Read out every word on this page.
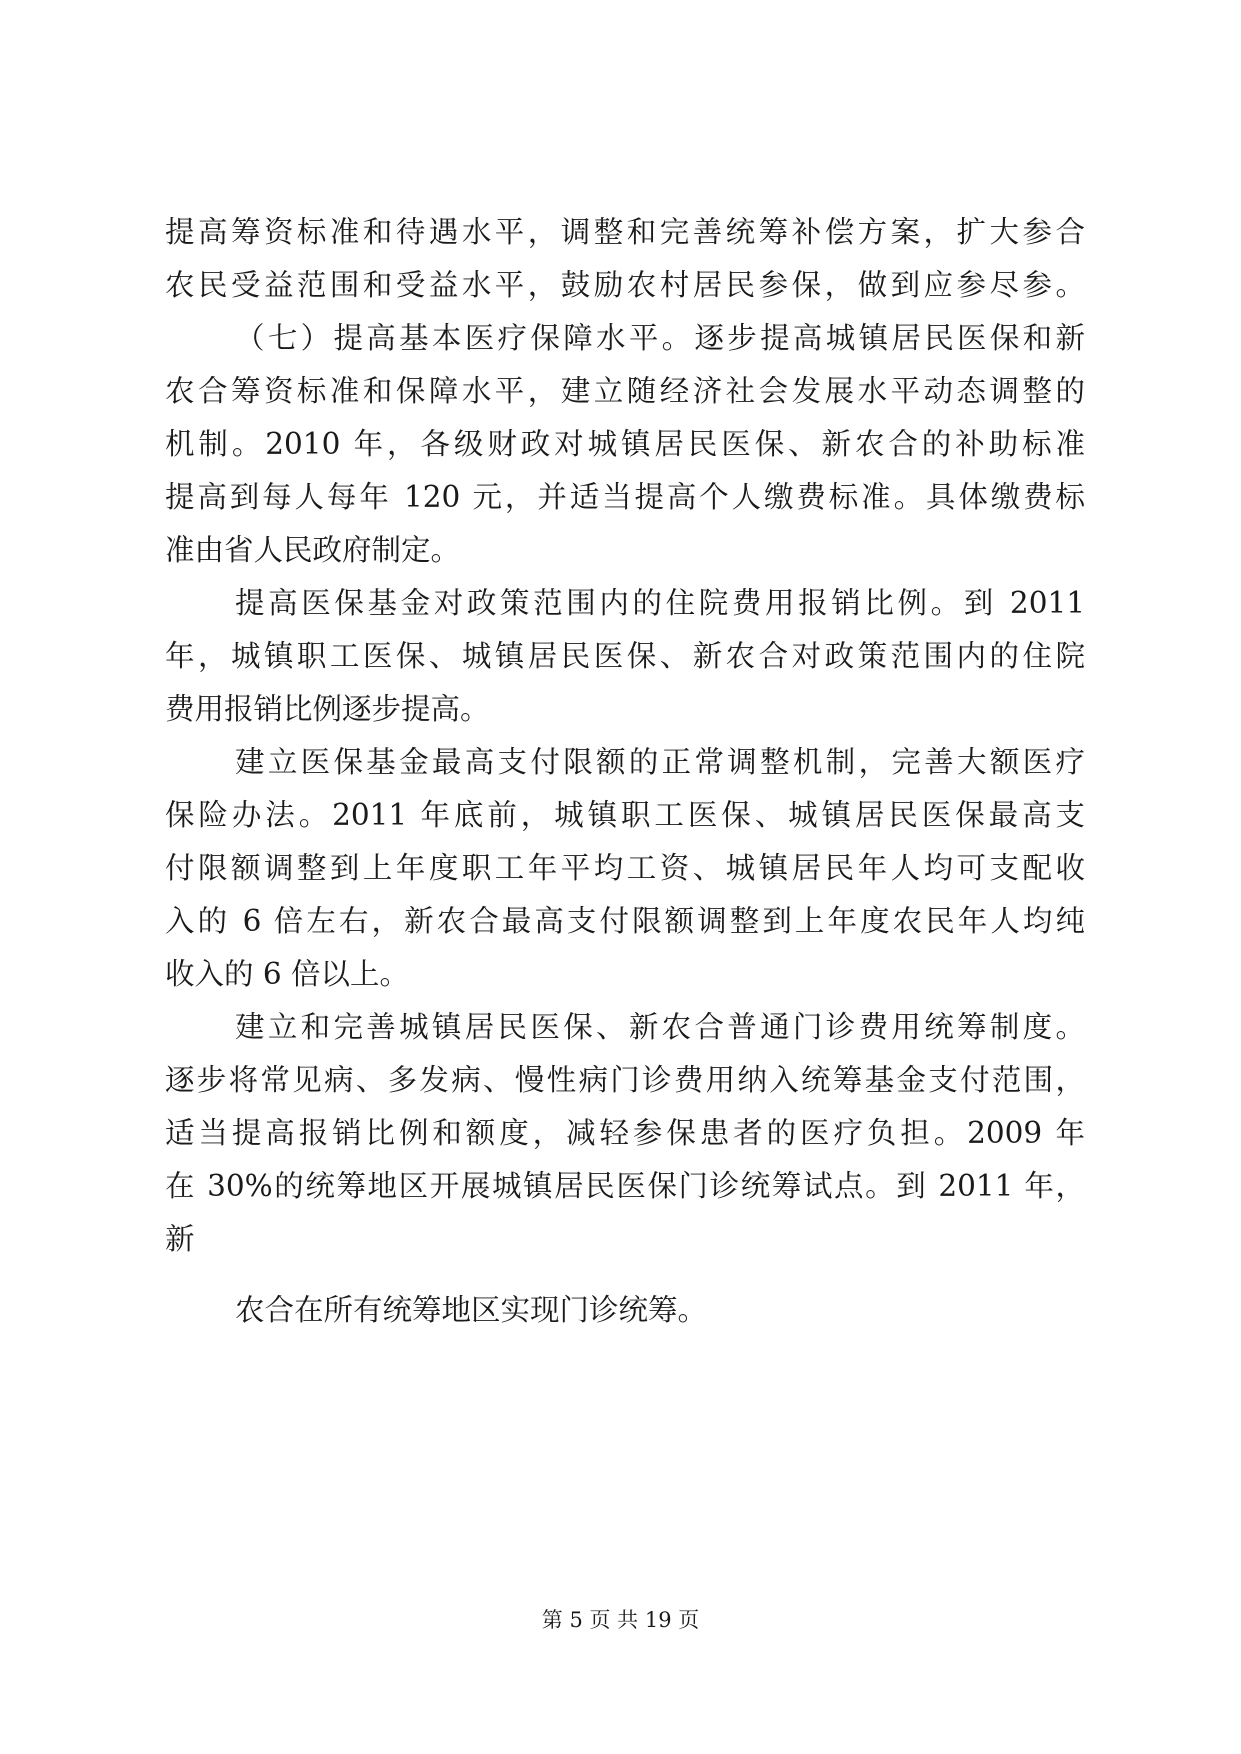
提高筹资标准和待遇水平，调整和完善统筹补偿方案，扩大参合
农民受益范围和受益水平，鼓励农村居民参保，做到应参尽参。
（七）提高基本医疗保障水平。逐步提高城镇居民医保和新
农合筹资标准和保障水平，建立随经济社会发展水平动态调整的
机制。2010 年，各级财政对城镇居民医保、新农合的补助标准
提高到每人每年 120 元，并适当提高个人缴费标准。具体缴费标
准由省人民政府制定。
提高医保基金对政策范围内的住院费用报销比例。到 2011
年，城镇职工医保、城镇居民医保、新农合对政策范围内的住院
费用报销比例逐步提高。
建立医保基金最高支付限额的正常调整机制，完善大额医疗
保险办法。2011 年底前，城镇职工医保、城镇居民医保最高支
付限额调整到上年度职工年平均工资、城镇居民年人均可支配收
入的 6 倍左右，新农合最高支付限额调整到上年度农民年人均纯
收入的 6 倍以上。
建立和完善城镇居民医保、新农合普通门诊费用统筹制度。
逐步将常见病、多发病、慢性病门诊费用纳入统筹基金支付范围，
适当提高报销比例和额度，减轻参保患者的医疗负担。2009 年
在 30%的统筹地区开展城镇居民医保门诊统筹试点。到 2011 年，
新
农合在所有统筹地区实现门诊统筹。
第 5 页 共 19 页
